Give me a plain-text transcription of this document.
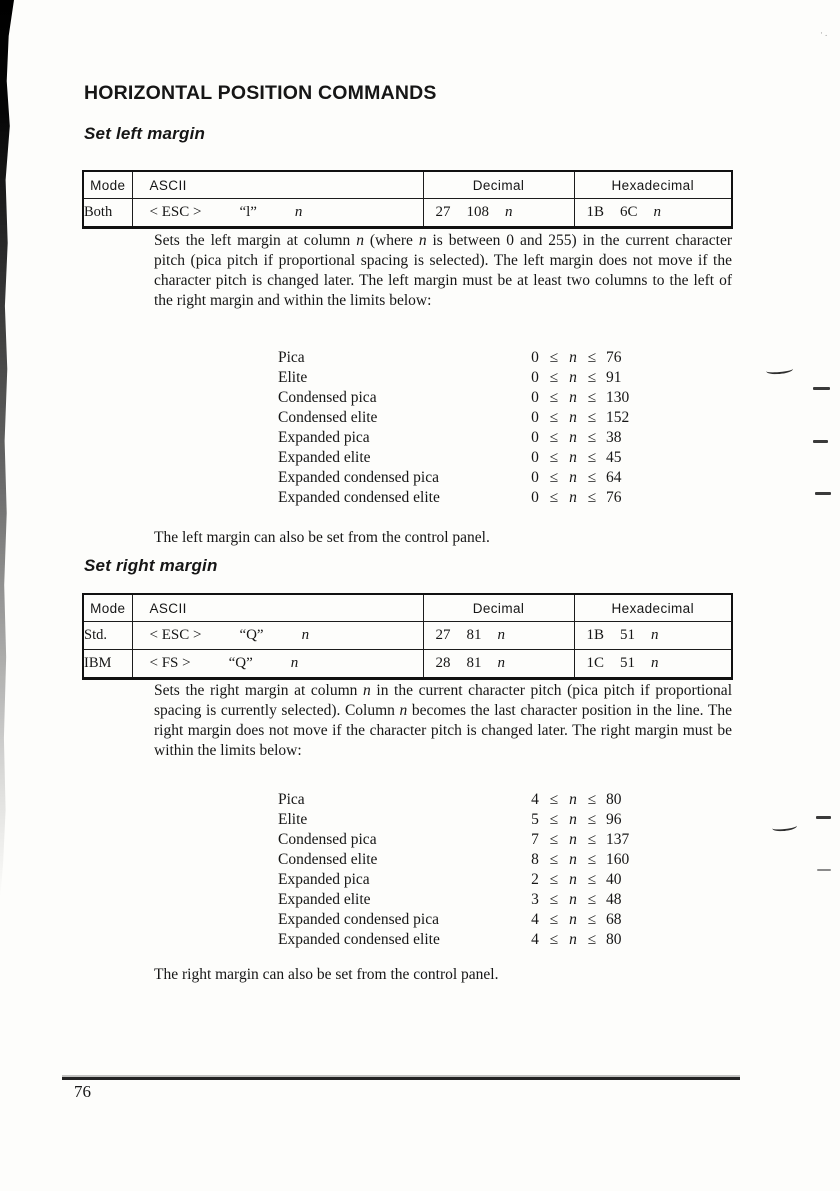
·.
HORIZONTAL POSITION COMMANDS
Set left margin
Mode	ASCII	Decimal	Hexadecimal
Both	< ESC > “l” n	27 108 n	1B 6C n

Sets the left margin at column n (where n is between 0 and 255) in the current character pitch (pica pitch if proportional spacing is selected). The left margin does not move if the character pitch is changed later. The left margin must be at least two columns to the left of the right margin and within the limits below:

Pica	0 ≤ n ≤ 76
Elite	0 ≤ n ≤ 91
Condensed pica	0 ≤ n ≤ 130
Condensed elite	0 ≤ n ≤ 152
Expanded pica	0 ≤ n ≤ 38
Expanded elite	0 ≤ n ≤ 45
Expanded condensed pica	0 ≤ n ≤ 64
Expanded condensed elite	0 ≤ n ≤ 76

The left margin can also be set from the control panel.

Set right margin
Mode	ASCII	Decimal	Hexadecimal
Std.	< ESC > “Q” n	27 81 n	1B 51 n

IBM	< FS > “Q” n	28 81 n	1C 51 n

Sets the right margin at column n in the current character pitch (pica pitch if proportional spacing is currently selected). Column n becomes the last character position in the line. The right margin does not move if the character pitch is changed later. The right margin must be within the limits below:

Pica	4 ≤ n ≤ 80
Elite	5 ≤ n ≤ 96
Condensed pica	7 ≤ n ≤ 137
Condensed elite	8 ≤ n ≤ 160
Expanded pica	2 ≤ n ≤ 40
Expanded elite	3 ≤ n ≤ 48
Expanded condensed pica	4 ≤ n ≤ 68
Expanded condensed elite	4 ≤ n ≤ 80

The right margin can also be set from the control panel.

76
